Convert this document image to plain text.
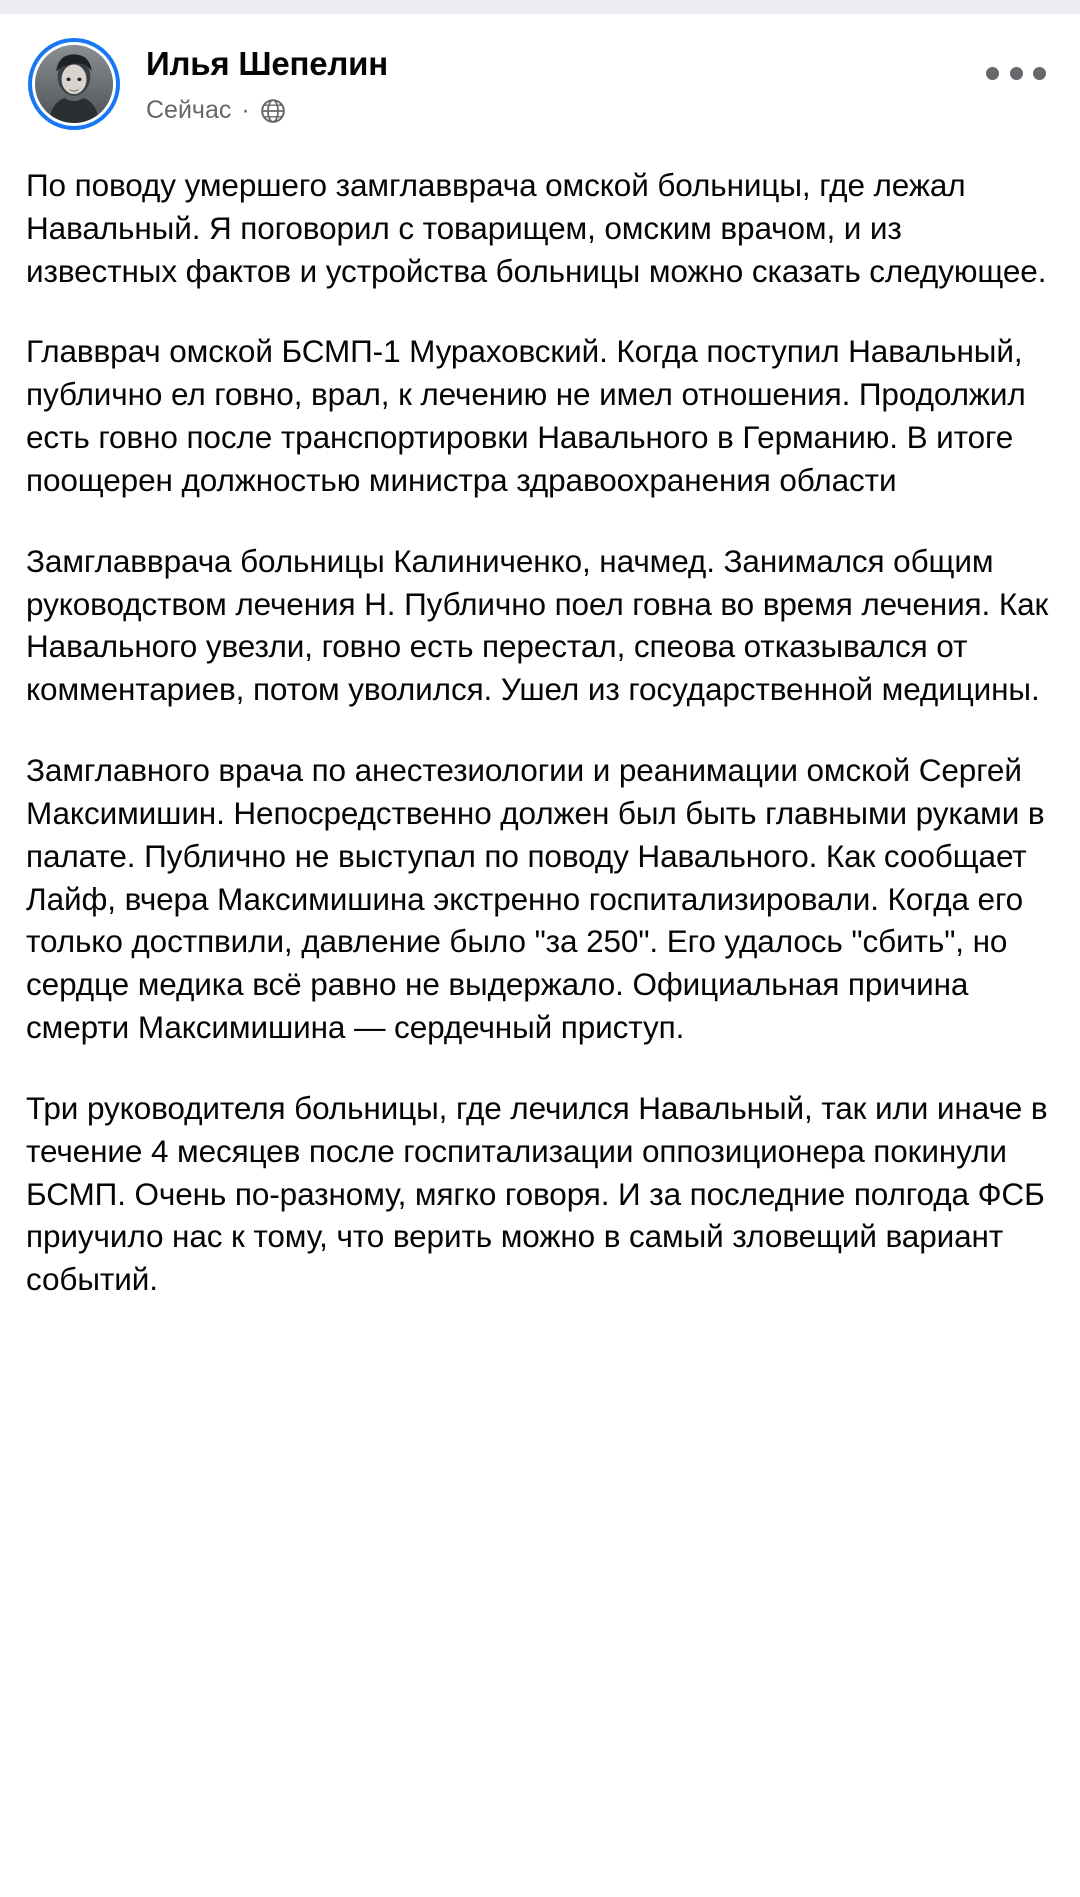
Илья Шепелин
Сейчас ·

По поводу умершего замглавврача омской больницы, где лежал Навальный. Я поговорил с товарищем, омским врачом, и из известных фактов и устройства больницы можно сказать следующее.

Главврач омской БСМП-1 Мураховский. Когда поступил Навальный, публично ел говно, врал, к лечению не имел отношения. Продолжил есть говно после транспортировки Навального в Германию. В итоге поощерен должностью министра здравоохранения области

Замглавврача больницы Калиниченко, начмед. Занимался общим руководством лечения Н. Публично поел говна во время лечения. Как Навального увезли, говно есть перестал, спеова отказывался от комментариев, потом уволился. Ушел из государственной медицины.

Замглавного врача по анестезиологии и реанимации омской Сергей Максимишин. Непосредственно должен был быть главными руками в палате. Публично не выступал по поводу Навального. Как сообщает Лайф, вчера Максимишина экстренно госпитализировали. Когда его только достпвили, давление было "за 250". Его удалось "сбить", но сердце медика всё равно не выдержало. Официальная причина смерти Максимишина — сердечный приступ.

Три руководителя больницы, где лечился Навальный, так или иначе в течение 4 месяцев после госпитализации оппозиционера покинули БСМП. Очень по-разному, мягко говоря. И за последние полгода ФСБ приучило нас к тому, что верить можно в самый зловещий вариант событий.
